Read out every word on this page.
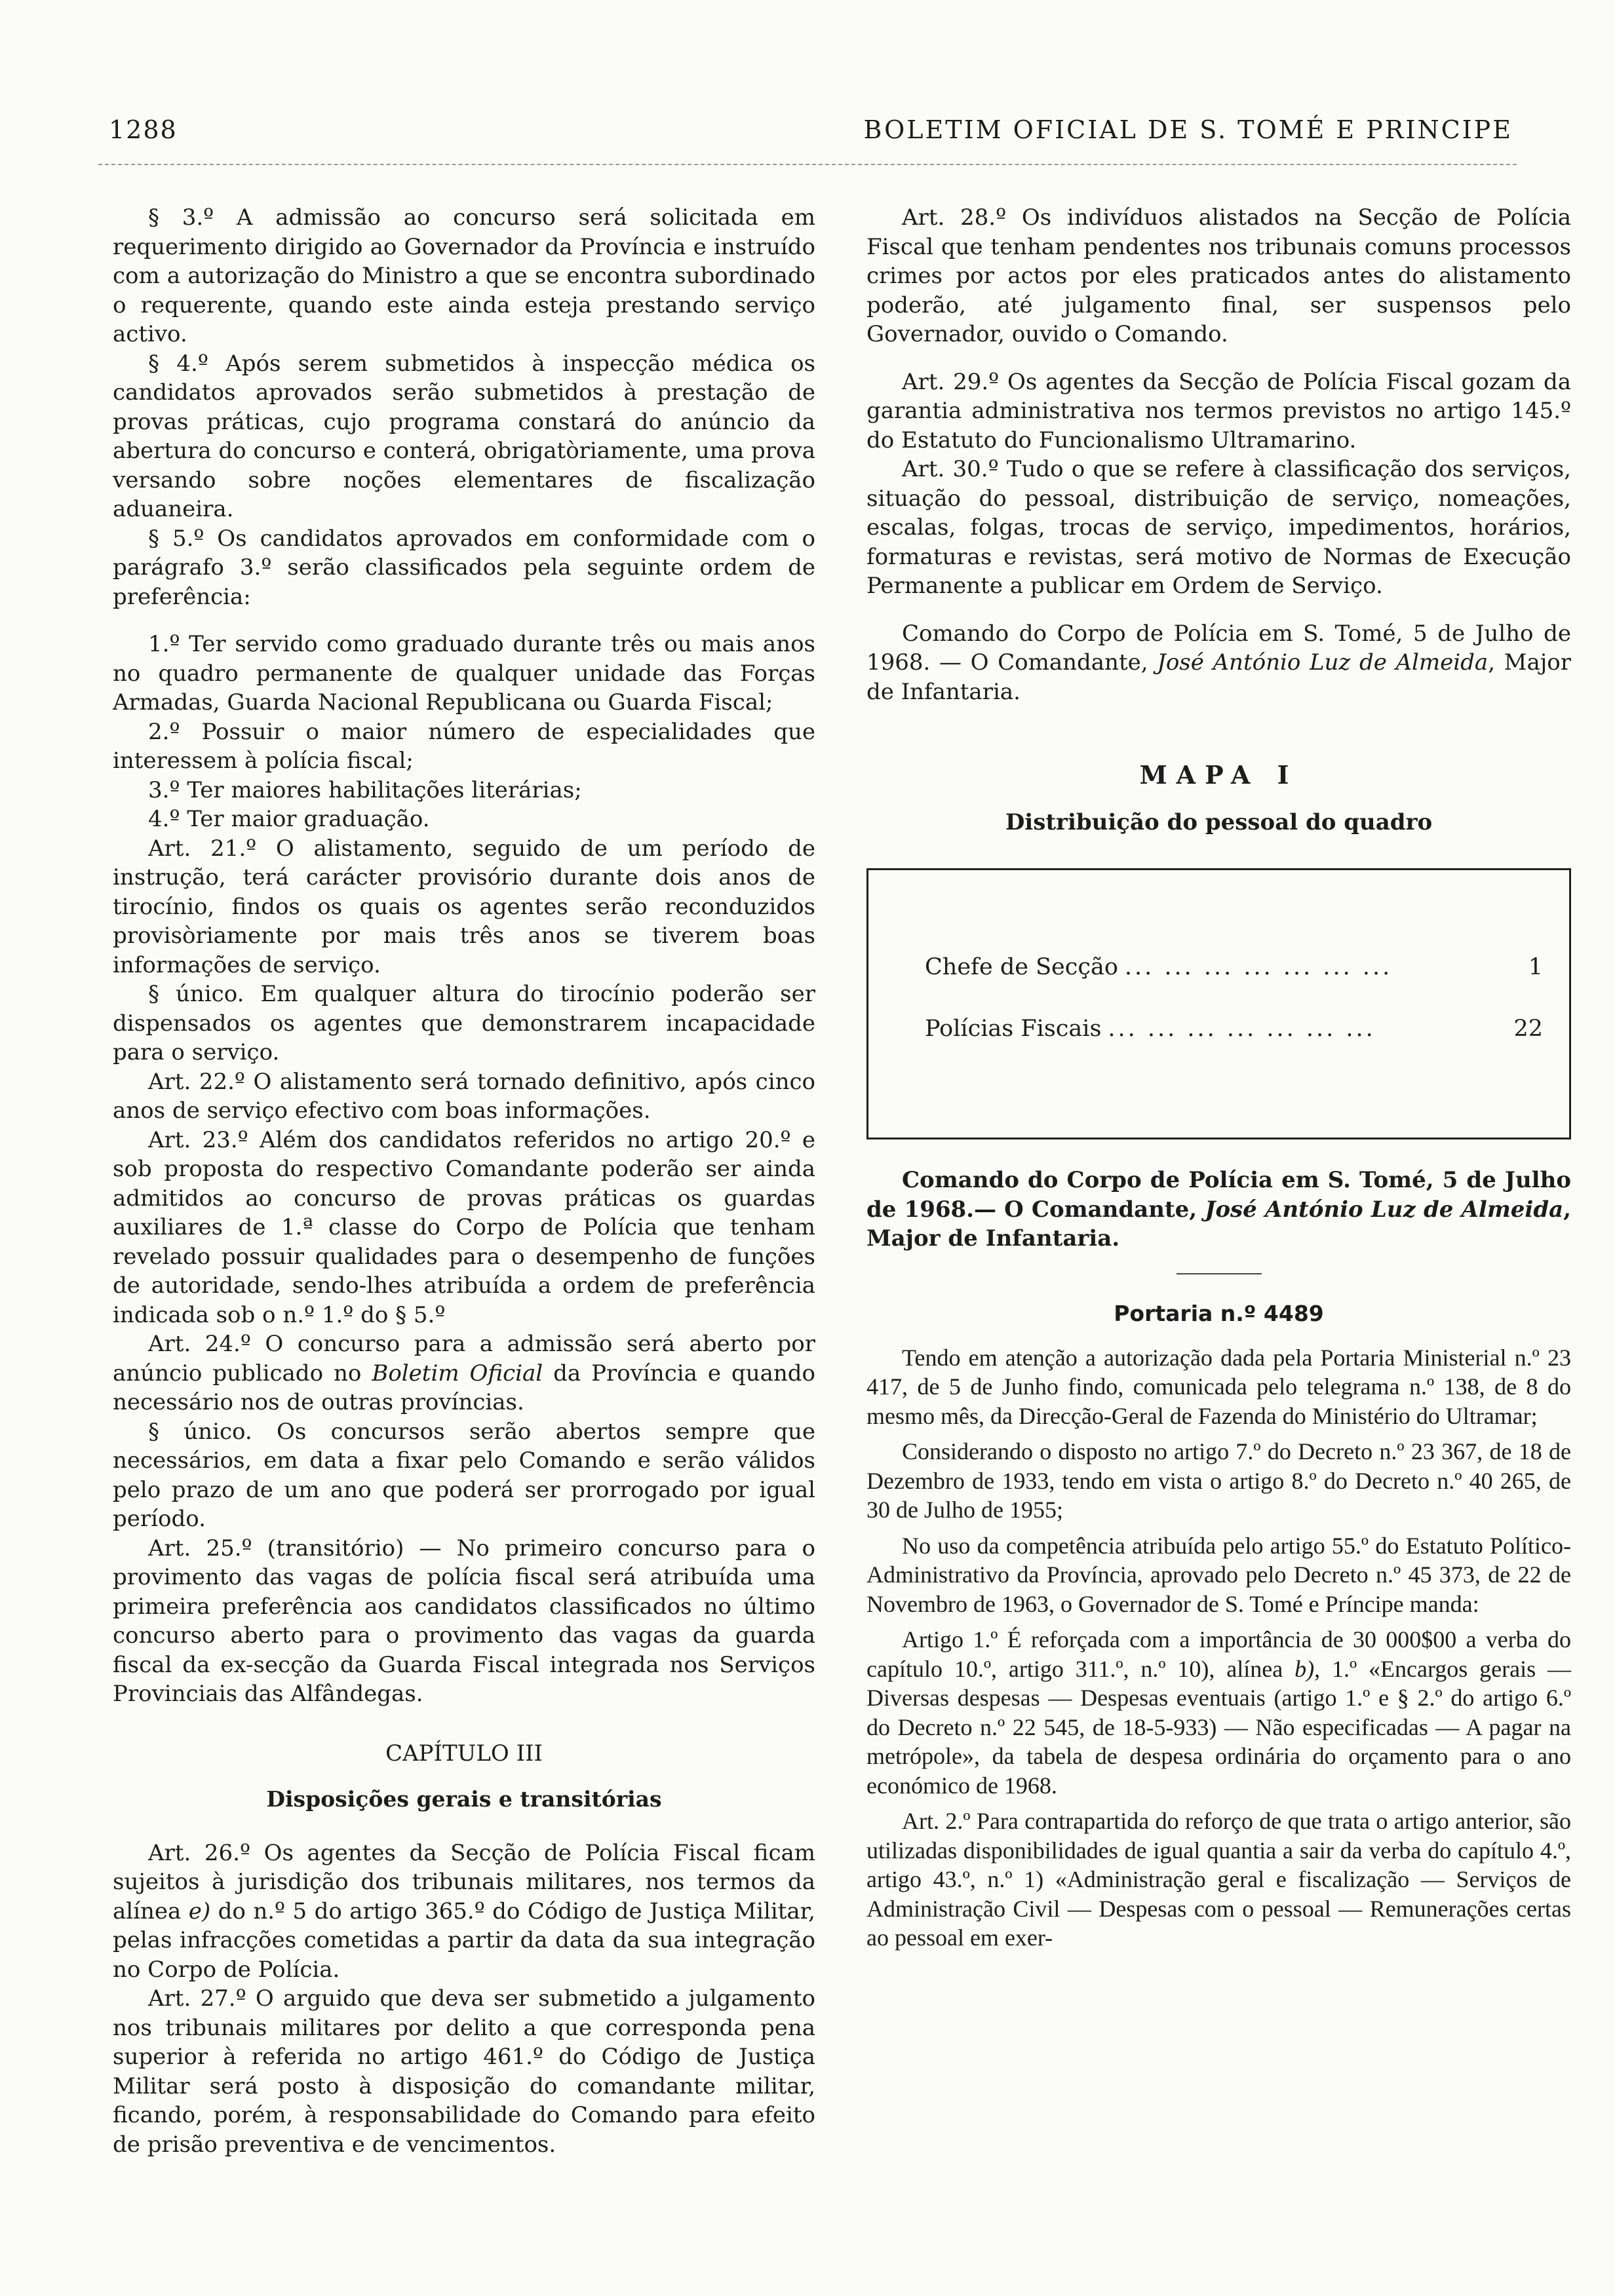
1288	BOLETIM OFICIAL DE S. TOMÉ E PRINCIPE

§ 3.º A admissão ao concurso será solicitada em requerimento dirigido ao Governador da Província e instruído com a autorização do Ministro a que se encontra subordinado o requerente, quando este ainda esteja prestando serviço activo.

§ 4.º Após serem submetidos à inspecção médica os candidatos aprovados serão submetidos à prestação de provas práticas, cujo programa constará do anúncio da abertura do concurso e conterá, obrigatòriamente, uma prova versando sobre noções elementares de fiscalização aduaneira.

§ 5.º Os candidatos aprovados em conformidade com o parágrafo 3.º serão classificados pela seguinte ordem de preferência:

1.º Ter servido como graduado durante três ou mais anos no quadro permanente de qualquer unidade das Forças Armadas, Guarda Nacional Republicana ou Guarda Fiscal;

2.º Possuir o maior número de especialidades que interessem à polícia fiscal;

3.º Ter maiores habilitações literárias;

4.º Ter maior graduação.

Art. 21.º O alistamento, seguido de um período de instrução, terá carácter provisório durante dois anos de tirocínio, findos os quais os agentes serão reconduzidos provisòriamente por mais três anos se tiverem boas informações de serviço.

§ único. Em qualquer altura do tirocínio poderão ser dispensados os agentes que demonstrarem incapacidade para o serviço.

Art. 22.º O alistamento será tornado definitivo, após cinco anos de serviço efectivo com boas informações.

Art. 23.º Além dos candidatos referidos no artigo 20.º e sob proposta do respectivo Comandante poderão ser ainda admitidos ao concurso de provas práticas os guardas auxiliares de 1.ª classe do Corpo de Polícia que tenham revelado possuir qualidades para o desempenho de funções de autoridade, sendo-lhes atribuída a ordem de preferência indicada sob o n.º 1.º do § 5.º

Art. 24.º O concurso para a admissão será aberto por anúncio publicado no Boletim Oficial da Província e quando necessário nos de outras províncias.

§ único. Os concursos serão abertos sempre que necessários, em data a fixar pelo Comando e serão válidos pelo prazo de um ano que poderá ser prorrogado por igual período.

Art. 25.º (transitório) — No primeiro concurso para o provimento das vagas de polícia fiscal será atribuída uma primeira preferência aos candidatos classificados no último concurso aberto para o provimento das vagas da guarda fiscal da ex-secção da Guarda Fiscal integrada nos Serviços Provinciais das Alfândegas.

CAPÍTULO III
Disposições gerais e transitórias

Art. 26.º Os agentes da Secção de Polícia Fiscal ficam sujeitos à jurisdição dos tribunais militares, nos termos da alínea e) do n.º 5 do artigo 365.º do Código de Justiça Militar, pelas infracções cometidas a partir da data da sua integração no Corpo de Polícia.

Art. 27.º O arguido que deva ser submetido a julgamento nos tribunais militares por delito a que corresponda pena superior à referida no artigo 461.º do Código de Justiça Militar será posto à disposição do comandante militar, ficando, porém, à responsabilidade do Comando para efeito de prisão preventiva e de vencimentos.

Art. 28.º Os indivíduos alistados na Secção de Polícia Fiscal que tenham pendentes nos tribunais comuns processos crimes por actos por eles praticados antes do alistamento poderão, até julgamento final, ser suspensos pelo Governador, ouvido o Comando.

Art. 29.º Os agentes da Secção de Polícia Fiscal gozam da garantia administrativa nos termos previstos no artigo 145.º do Estatuto do Funcionalismo Ultramarino.

Art. 30.º Tudo o que se refere à classificação dos serviços, situação do pessoal, distribuição de serviço, nomeações, escalas, folgas, trocas de serviço, impedimentos, horários, formaturas e revistas, será motivo de Normas de Execução Permanente a publicar em Ordem de Serviço.

Comando do Corpo de Polícia em S. Tomé, 5 de Julho de 1968. — O Comandante, José António Luz de Almeida, Major de Infantaria.

MAPA I
Distribuição do pessoal do quadro
Chefe de Secção ... ... ... ... ... ... ...	1
Polícias Fiscais ... ... ... ... ... ... ...	22

Comando do Corpo de Polícia em S. Tomé, 5 de Julho de 1968.— O Comandante, José António Luz de Almeida, Major de Infantaria.

Portaria n.º 4489

Tendo em atenção a autorização dada pela Portaria Ministerial n.º 23 417, de 5 de Junho findo, comunicada pelo telegrama n.º 138, de 8 do mesmo mês, da Direcção-Geral de Fazenda do Ministério do Ultramar;

Considerando o disposto no artigo 7.º do Decreto n.º 23 367, de 18 de Dezembro de 1933, tendo em vista o artigo 8.º do Decreto n.º 40 265, de 30 de Julho de 1955;

No uso da competência atribuída pelo artigo 55.º do Estatuto Político-Administrativo da Província, aprovado pelo Decreto n.º 45 373, de 22 de Novembro de 1963, o Governador de S. Tomé e Príncipe manda:

Artigo 1.º É reforçada com a importância de 30 000$00 a verba do capítulo 10.º, artigo 311.º, n.º 10), alínea b), 1.º «Encargos gerais — Diversas despesas — Despesas eventuais (artigo 1.º e § 2.º do artigo 6.º do Decreto n.º 22 545, de 18-5-933) — Não especificadas — A pagar na metrópole», da tabela de despesa ordinária do orçamento para o ano económico de 1968.

Art. 2.º Para contrapartida do reforço de que trata o artigo anterior, são utilizadas disponibilidades de igual quantia a sair da verba do capítulo 4.º, artigo 43.º, n.º 1) «Administração geral e fiscalização — Serviços de Administração Civil — Despesas com o pessoal — Remunerações certas ao pessoal em exer-
